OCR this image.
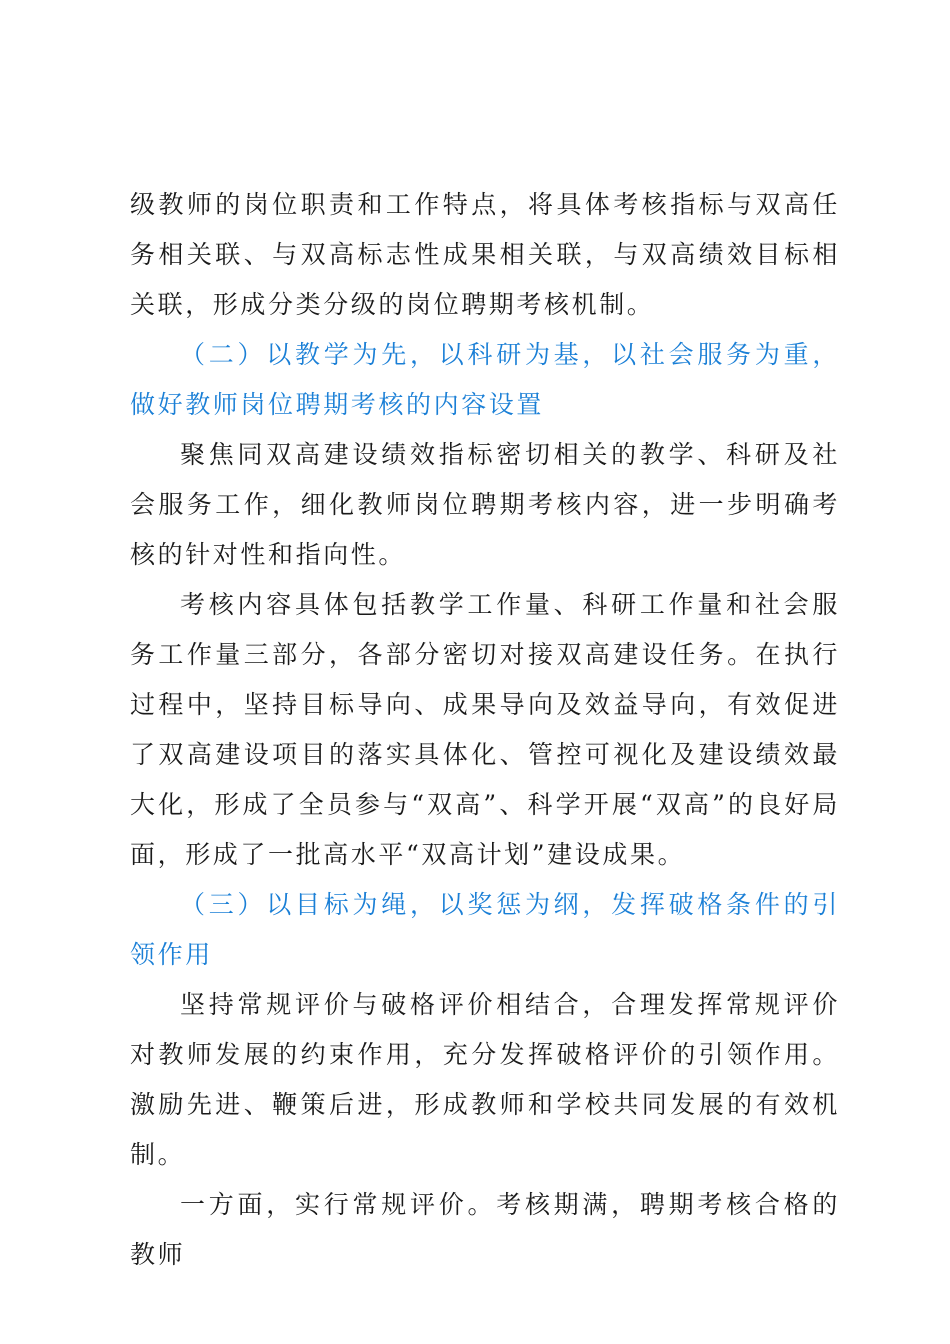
级教师的岗位职责和工作特点，将具体考核指标与双高任务相关联、与双高标志性成果相关联，与双高绩效目标相关联，形成分类分级的岗位聘期考核机制。

（二）以教学为先，以科研为基，以社会服务为重，做好教师岗位聘期考核的内容设置

聚焦同双高建设绩效指标密切相关的教学、科研及社会服务工作，细化教师岗位聘期考核内容，进一步明确考核的针对性和指向性。

考核内容具体包括教学工作量、科研工作量和社会服务工作量三部分，各部分密切对接双高建设任务。在执行过程中，坚持目标导向、成果导向及效益导向，有效促进了双高建设项目的落实具体化、管控可视化及建设绩效最大化，形成了全员参与“双高”、科学开展“双高”的良好局面，形成了一批高水平“双高计划”建设成果。

（三）以目标为绳，以奖惩为纲，发挥破格条件的引领作用

坚持常规评价与破格评价相结合，合理发挥常规评价对教师发展的约束作用，充分发挥破格评价的引领作用。激励先进、鞭策后进，形成教师和学校共同发展的有效机制。

一方面，实行常规评价。考核期满，聘期考核合格的教师
